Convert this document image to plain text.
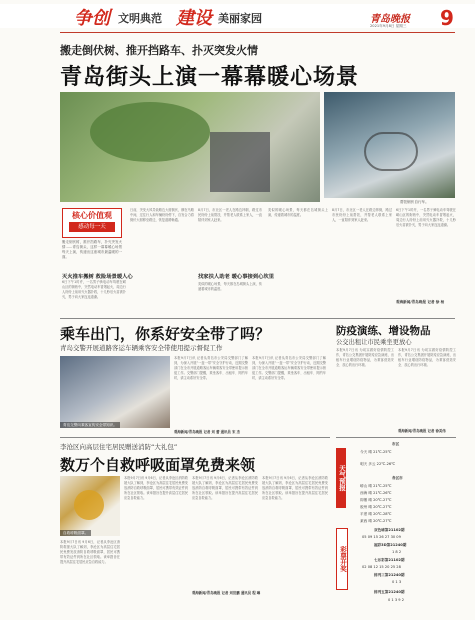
争创 文明典范 建设 美丽家园	青岛晚报
2021年9月8日 星期三 9
搬走倒伏树、推开挡路车、扑灭突发火情
青岛街头上演一幕幕暖心场景
帮扶倒伏自行车。
核心价值观
感动每一天
搬走倒伏树，推开挡路车，扑灭突发火情……青岛街头，这样一幕幕暖心场景每天上演，传递出这座城市最温暖的一面。
灭火推车搬树 救险场景暖人心
6日下午1时许，一名男子骑电动车驾驶在崂山区的街巷中，突然电动车冒烟起火，周边行人纷纷上前用灭火器扑救，十几秒后火苗被扑灭，男子向大家连连道谢。
日前，突发大风导致路边大树倒伏，横在马路中间，过往行人和车辆纷纷停下，自发合力将倒伏大树移至路边，恢复道路畅通。
找家扶人助老 暖心事接到心坎里
8月7日，市北区一老人在路边摔倒，路过市民纷纷上前帮扶，并帮老人联系上家人，一直陪伴到家人赶来。
类似的暖心场景，每天都在岛城街头上演，传递着城市的温度。
类似的暖心场景，每天都在岛城街头上演，传递着城市的温度。
8月7日，市北区一老人在路边摔倒，路过市民纷纷上前帮扶，并帮老人联系上家人，一直陪伴到家人赶来。
6日下午1时许，一名男子骑电动车驾驶在崂山区的街巷中，突然电动车冒烟起火，周边行人纷纷上前用灭火器扑救，十几秒后火苗被扑灭，男子向大家连连道谢。
观海新闻/青岛晚报 记者 徐 杨
乘车出门，你系好安全带了吗？
青岛交警开展道路客运车辆乘客安全带使用提示督促工作
青岛交警向乘客宣传安全带知识。
本报9月7日讯 记者从青岛市公安局交警部门了解到，为深入开展“一盔一带”安全守护行动，近期交警部门在全市开展道路客运车辆乘客安全带使用提示督促工作。交警部门提醒，乘坐客车、出租车、网约车时，请主动系好安全带。
本报9月7日讯 记者从青岛市公安局交警部门了解到，为深入开展“一盔一带”安全守护行动，近期交警部门在全市开展道路客运车辆乘客安全带使用提示督促工作。交警部门提醒，乘坐客车、出租车、网约车时，请主动系好安全带。
观海新闻/青岛晚报 记者 刘 蕾 通讯员 宋 杰
李沧区向高层住宅居民赠送消防“大礼包”
数万个自救呼吸面罩免费来领
自救呼吸面罩。
本报9月7日讯 9月6日，记者从李沧区消防救援大队了解到，李沧区为高层住宅居民免费发放消防自救呼吸面罩，居民可携带有效证件到所在社区领取。该举措旨在提升高层住宅居民应急自救能力。
本报9月7日讯 9月6日，记者从李沧区消防救援大队了解到，李沧区为高层住宅居民免费发放消防自救呼吸面罩，居民可携带有效证件到所在社区领取。该举措旨在提升高层住宅居民应急自救能力。
本报9月7日讯 9月6日，记者从李沧区消防救援大队了解到，李沧区为高层住宅居民免费发放消防自救呼吸面罩，居民可携带有效证件到所在社区领取。该举措旨在提升高层住宅居民应急自救能力。
本报9月7日讯 9月6日，记者从李沧区消防救援大队了解到，李沧区为高层住宅居民免费发放消防自救呼吸面罩，居民可携带有效证件到所在社区领取。该举措旨在提升高层住宅居民应急自救能力。
观海新闻/青岛晚报 记者 刘世鹏 通讯员 程 琳
防疫演练、增设物品
公交出租让市民乘坐更放心
本报9月7日讯 为切实做好疫情防控工作，青岛公交集团开展防疫应急演练，出租车行业增设防疫物品，为乘客营造安全、放心的出行环境。
本报9月7日讯 为切实做好疫情防控工作，青岛公交集团开展防疫应急演练，出租车行业增设防疫物品，为乘客营造安全、放心的出行环境。
观海新闻/青岛晚报 记者 徐美伟
天气预报
市区
今天 晴 21℃-25℃
明天 多云 22℃-26℃
各区市
崂山 晴 21℃-25℃
西海 晴 21℃-26℃
即墨 晴 20℃-27℃
胶州 晴 20℃-27℃
平度 晴 20℃-28℃
莱西 晴 20℃-27℃
彩票开奖
双色球第21102期
05 09 15 26 27 30 09
福彩3D第21240期
1 8 2
七乐彩第21102期
02 08 12 15 20 25 28
排列三第21240期
0 1 3
排列五第21240期
0 1 3 9 2
